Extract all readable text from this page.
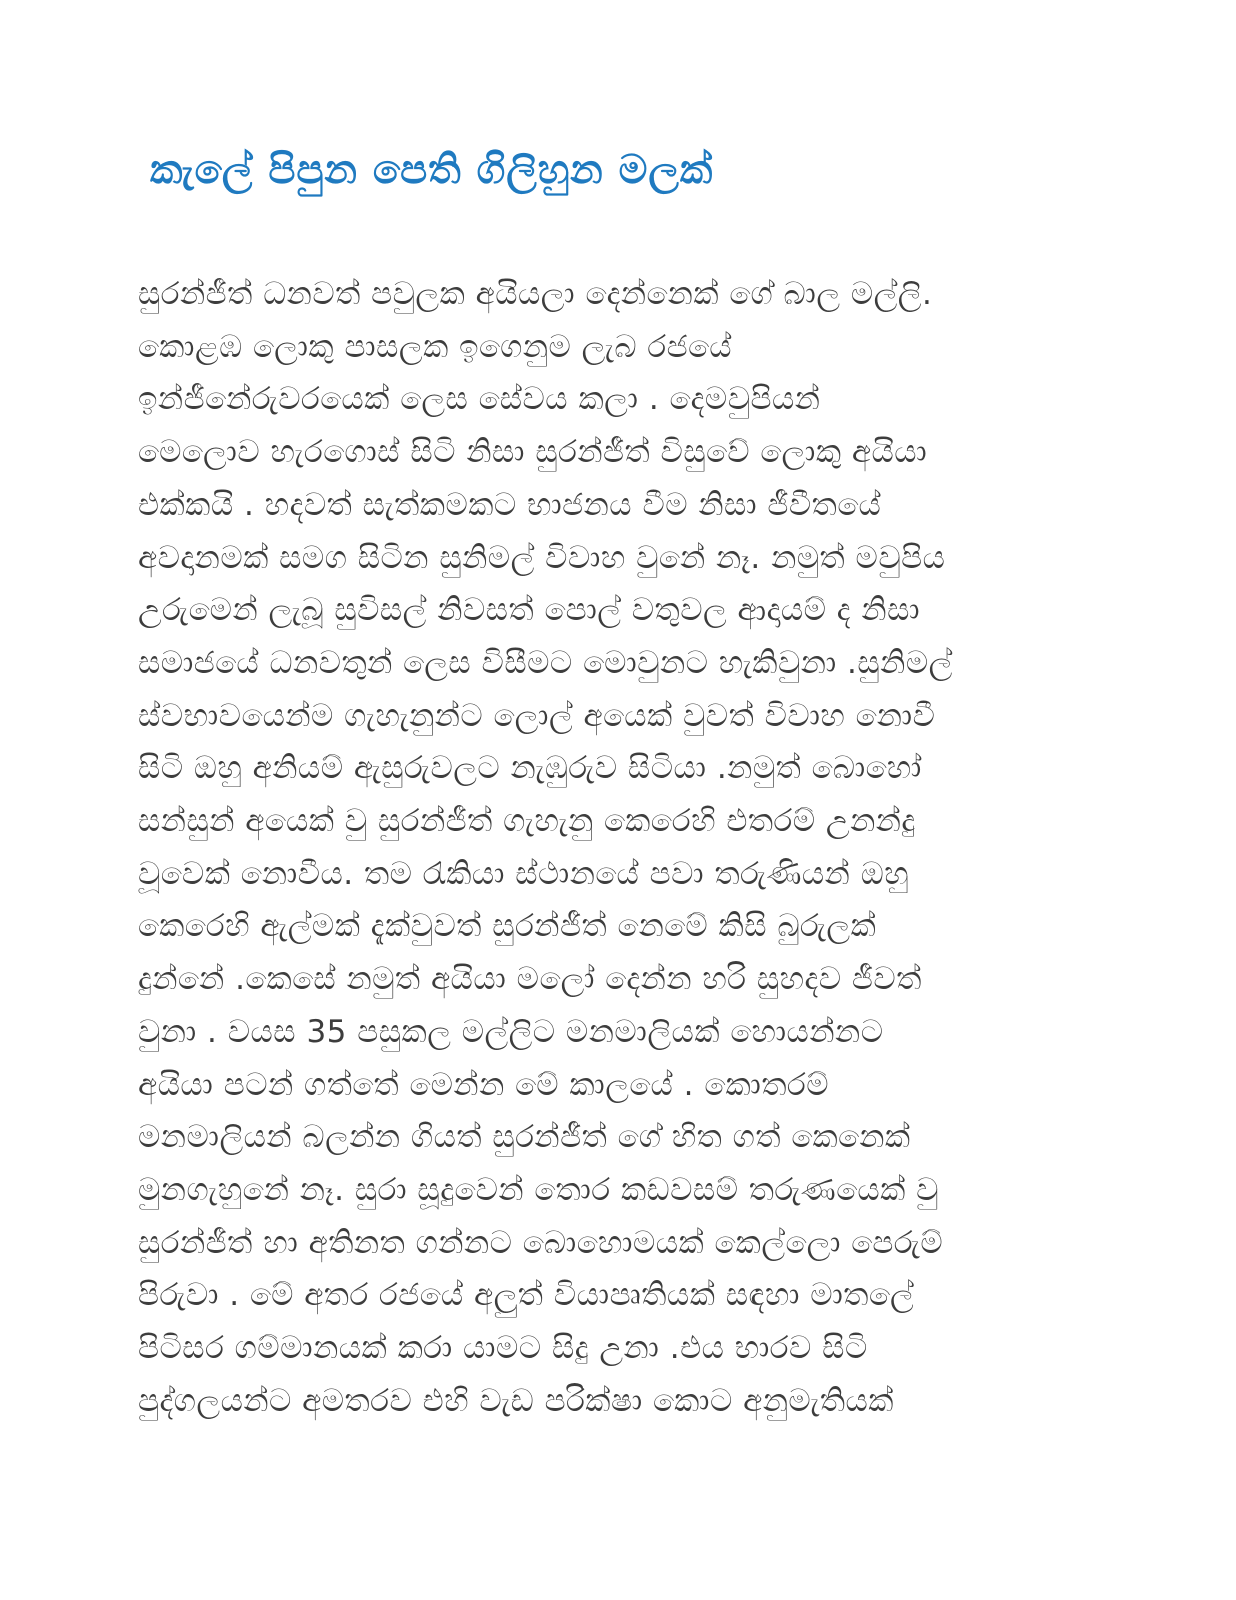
කැලේ පිපුන පෙති ගිලිහුන මලක්
සුරන්ජීත් ධනවත් පවුලක අයියලා දෙන්නෙක් ගේ බාල මල්ලි.
කොළඹ ලොකු පාසලක ඉගෙනුම ලැබ රජයේ
ඉන්ජීනේරුවරයෙක් ලෙස සේවය කලා . දෙමවුපියන්
මෙලොව හැරගොස් සිටි නිසා සුරන්ජීත් විසුවේ ලොකු අයියා
එක්කයි . හදවත් සැත්කමකට භාජනය වීම නිසා ජීවීතයේ
අවදානමක් සමග සිටින සුනිමල් විවාහ වුනේ නෑ. නමුත් මවුපිය
උරුමෙන් ලැබූ සුවිසල් නිවසත් පොල් වතුවල ආදායම් ද නිසා
සමාජයේ ධනවතුන් ලෙස විසීමට මොවුනට හැකිවුනා .සුනිමල්
ස්වභාවයෙන්ම ගැහැනුන්ට ලොල් අයෙක් වුවත් විවාහ නොවී
සිටි ඔහු අනියම් ඇසුරුවලට නැඹුරුව සිටියා .නමුත් බොහෝ
සන්සුන් අයෙක් වු සුරන්ජීත් ගැහැනු කෙරෙහි එතරම් උනන්දු
වූවෙක් නොවීය. තම රැකියා ස්ථානයේ පවා තරුණියන් ඔහු
කෙරෙහි ඇල්මක් දැක්වුවත් සුරන්ජීත් නෙමේ කිසි බුරුලක්
දුන්නේ .කෙසේ නමුත් අයියා මලෝ දෙන්න හරි සුහදව ජීවත්
වුනා . වයස 35 පසුකල මල්ලිට මනමාලියක් හොයන්නට
අයියා පටන් ගත්තේ මෙන්න මේ කාලයේ . කොතරම්
මනමාලියන් බලන්න ගියත් සුරන්ජීත් ගේ හිත ගත් කෙනෙක්
මුනගැහුනේ නෑ. සුරා සූදුවෙන් තොර කඩවසම් තරුණයෙක් වු
සුරන්ජීත් හා අතිනත ගන්නට බොහොමයක් කෙල්ලො පෙරුම්
පිරුවා . මේ අතර රජයේ අලුත් වියාපෘතියක් සඳහා මාතලේ
පිටිසර ගම්මානයක් කරා යාමට සිදු උනා .එය භාරව සිටි
පුද්ගලයන්ට අමතරව එහි වැඩ පරික්ෂා කොට අනුමැතියක්
